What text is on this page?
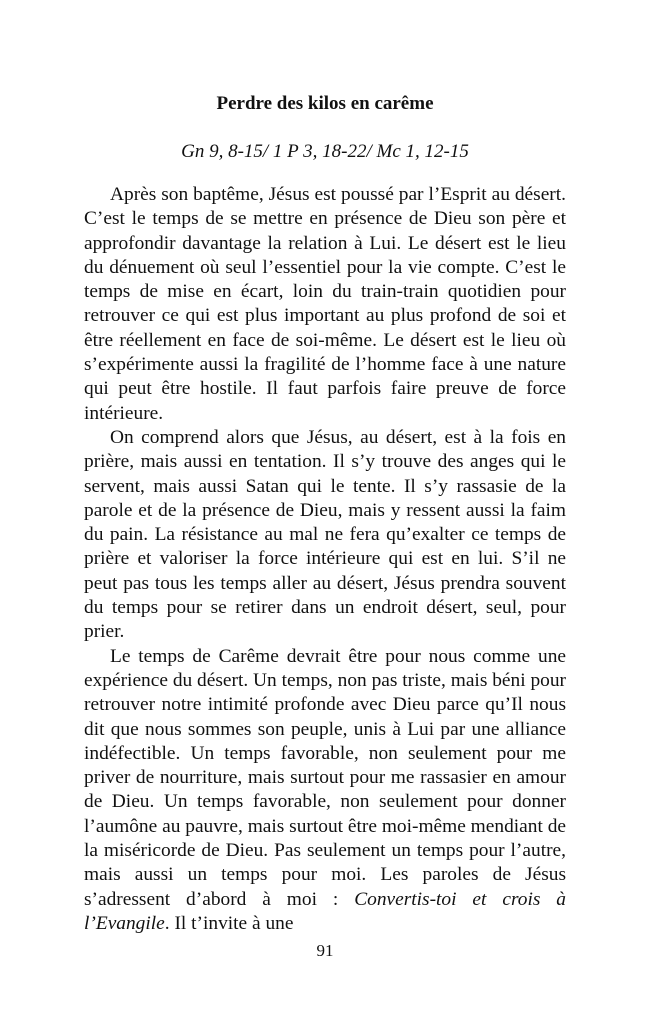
Perdre des kilos en carême
Gn 9, 8-15/ 1 P 3, 18-22/ Mc 1, 12-15

Après son baptême, Jésus est poussé par l’Esprit au désert. C’est le temps de se mettre en présence de Dieu son père et approfondir davantage la relation à Lui. Le désert est le lieu du dénuement où seul l’essentiel pour la vie compte. C’est le temps de mise en écart, loin du train-train quotidien pour retrouver ce qui est plus important au plus profond de soi et être réellement en face de soi-même. Le désert est le lieu où s’expérimente aussi la fragilité de l’homme face à une nature qui peut être hostile. Il faut parfois faire preuve de force intérieure.

On comprend alors que Jésus, au désert, est à la fois en prière, mais aussi en tentation. Il s’y trouve des anges qui le servent, mais aussi Satan qui le tente. Il s’y rassasie de la parole et de la présence de Dieu, mais y ressent aussi la faim du pain. La résistance au mal ne fera qu’exalter ce temps de prière et valoriser la force intérieure qui est en lui. S’il ne peut pas tous les temps aller au désert, Jésus prendra souvent du temps pour se retirer dans un endroit désert, seul, pour prier.

Le temps de Carême devrait être pour nous comme une expérience du désert. Un temps, non pas triste, mais béni pour retrouver notre intimité profonde avec Dieu parce qu’Il nous dit que nous sommes son peuple, unis à Lui par une alliance indéfectible. Un temps favorable, non seulement pour me priver de nourriture, mais surtout pour me rassasier en amour de Dieu. Un temps favorable, non seulement pour donner l’aumône au pauvre, mais surtout être moi-même mendiant de la miséricorde de Dieu. Pas seulement un temps pour l’autre, mais aussi un temps pour moi. Les paroles de Jésus s’adressent d’abord à moi : Convertis-toi et crois à l’Evangile. Il t’invite à une

91
